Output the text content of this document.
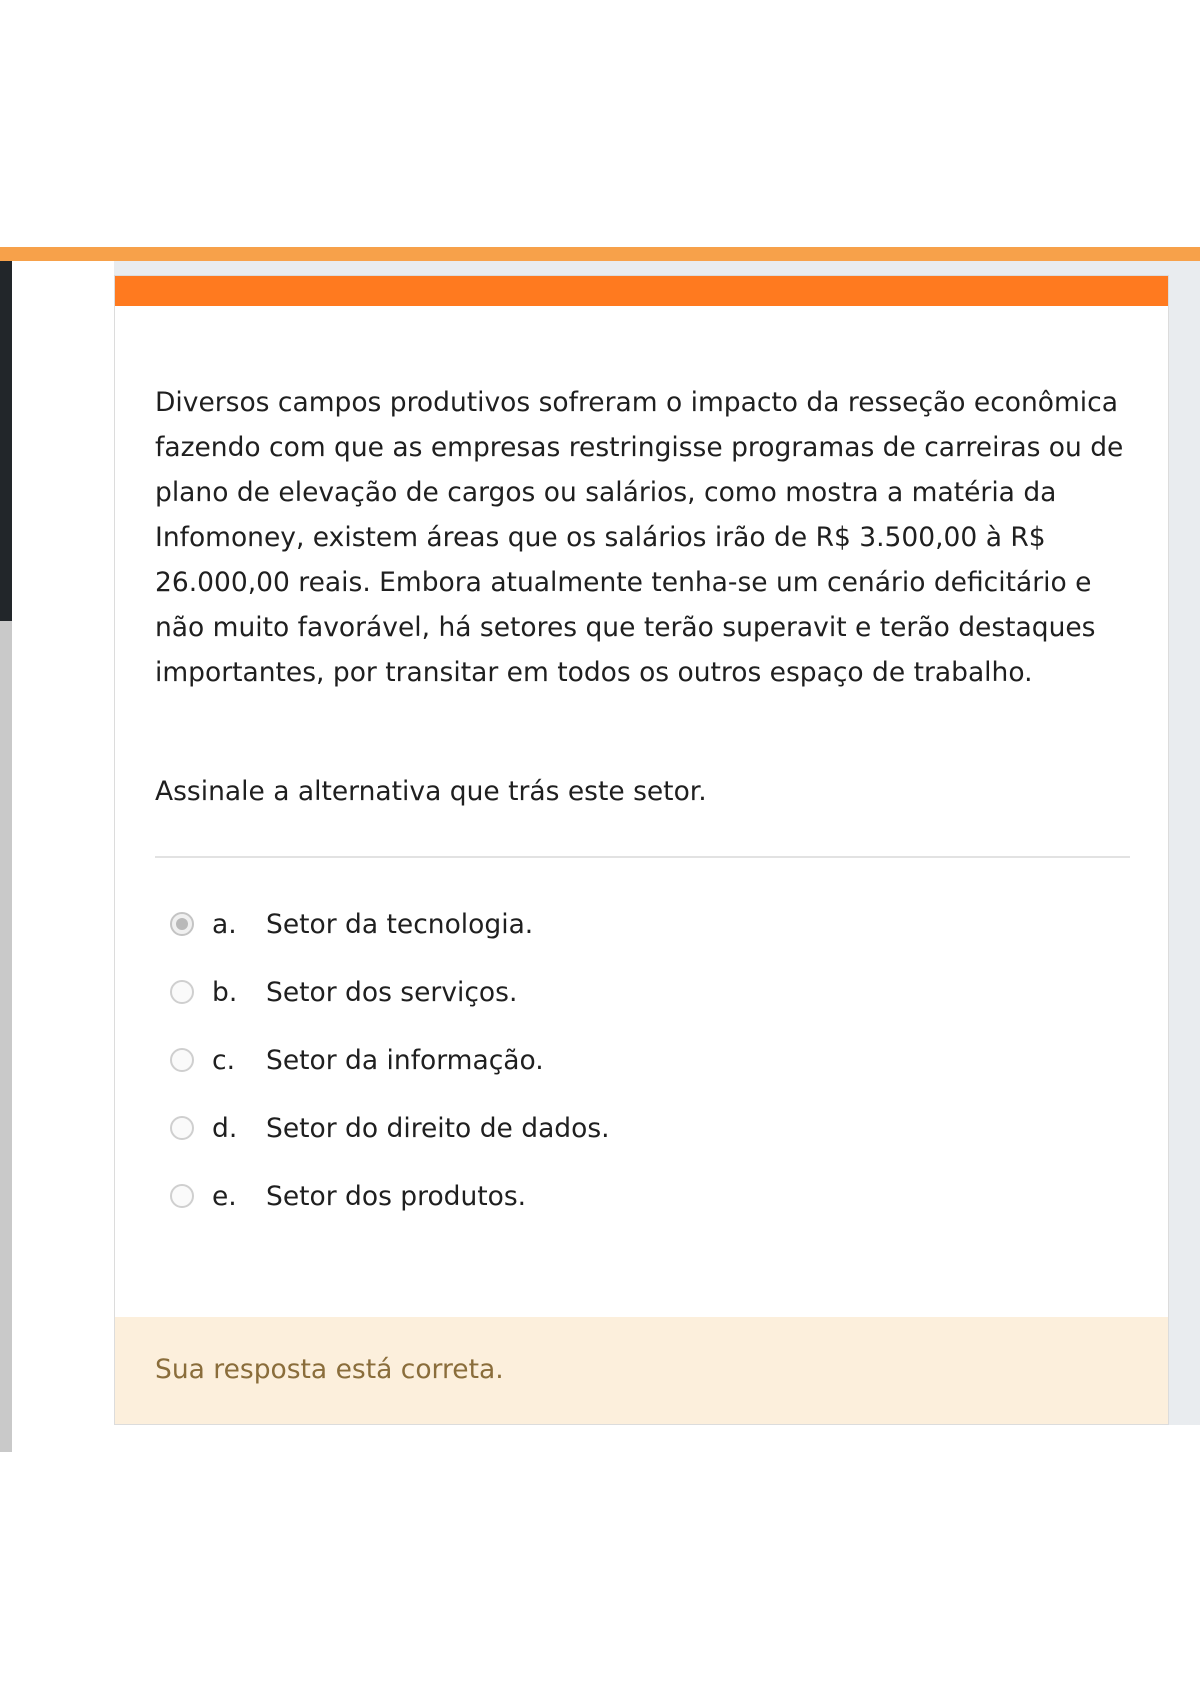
Diversos campos produtivos sofreram o impacto da resseção econômica fazendo com que as empresas restringisse programas de carreiras ou de plano de elevação de cargos ou salários, como mostra a matéria da Infomoney, existem áreas que os salários irão de R$ 3.500,00 à R$ 26.000,00 reais. Embora atualmente tenha-se um cenário deficitário e não muito favorável, há setores que terão superavit e terão destaques importantes, por transitar em todos os outros espaço de trabalho.

Assinale a alternativa que trás este setor.

a.	Setor da tecnologia.
b.	Setor dos serviços.
c.	Setor da informação.
d.	Setor do direito de dados.
e.	Setor dos produtos.

Sua resposta está correta.
